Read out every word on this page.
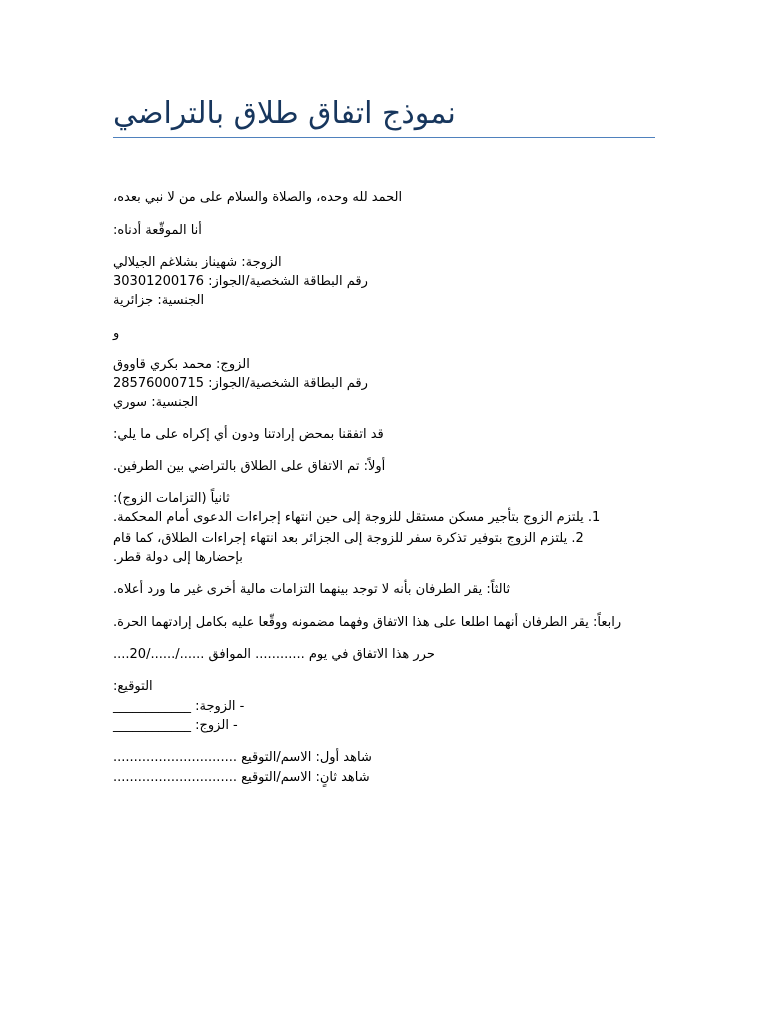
نموذج اتفاق طلاق بالتراضي
الحمد لله وحده، والصلاة والسلام على من لا نبي بعده،
أنا الموقّعة أدناه:
الزوجة: شهيناز بشلاغم الجيلالي
رقم البطاقة الشخصية/الجواز: 30301200176
الجنسية: جزائرية
و
الزوج: محمد بكري قاووق
رقم البطاقة الشخصية/الجواز: 28576000715
الجنسية: سوري
قد اتفقنا بمحض إرادتنا ودون أي إكراه على ما يلي:
أولاً: تم الاتفاق على الطلاق بالتراضي بين الطرفين.
ثانياً (التزامات الزوج):
1. يلتزم الزوج بتأجير مسكن مستقل للزوجة إلى حين انتهاء إجراءات الدعوى أمام المحكمة.
2. يلتزم الزوج بتوفير تذكرة سفر للزوجة إلى الجزائر بعد انتهاء إجراءات الطلاق، كما قام
بإحضارها إلى دولة قطر.
ثالثاً: يقر الطرفان بأنه لا توجد بينهما التزامات مالية أخرى غير ما ورد أعلاه.
رابعاً: يقر الطرفان أنهما اطلعا على هذا الاتفاق وفهما مضمونه ووقّعا عليه بكامل إرادتهما الحرة.
حرر هذا الاتفاق في يوم ............ الموافق ....../....../20....
التوقيع:
- الزوجة: ____________
- الزوج: ____________
شاهد أول: الاسم/التوقيع ..............................
شاهد ثانٍ: الاسم/التوقيع ..............................
